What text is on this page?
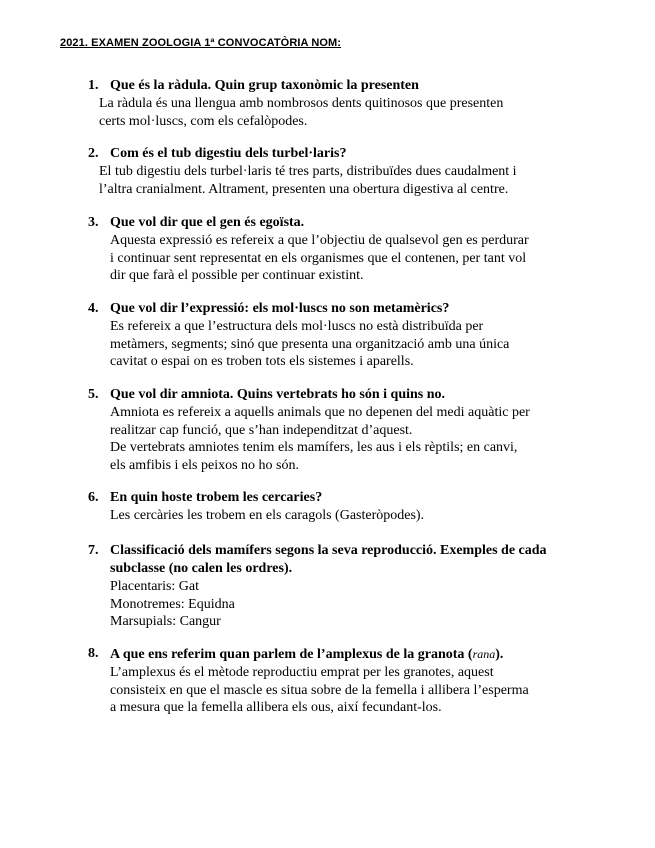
2021. EXAMEN ZOOLOGIA 1ª CONVOCATÒRIA NOM:
1. Que és la ràdula. Quin grup taxonòmic la presenten
La ràdula és una llengua amb nombrosos dents quitinosos que presenten
certs mol·luscs, com els cefalòpodes.
2. Com és el tub digestiu dels turbel·laris?
El tub digestiu dels turbel·laris té tres parts, distribuïdes dues caudalment i
l’altra cranialment. Altrament, presenten una obertura digestiva al centre.
3. Que vol dir que el gen és egoïsta.
Aquesta expressió es refereix a que l’objectiu de qualsevol gen es perdurar
i continuar sent representat en els organismes que el contenen, per tant vol
dir que farà el possible per continuar existint.
4. Que vol dir l’expressió: els mol·luscs no son metamèrics?
Es refereix a que l’estructura dels mol·luscs no està distribuïda per
metàmers, segments; sinó que presenta una organització amb una única
cavitat o espai on es troben tots els sistemes i aparells.
5. Que vol dir amniota. Quins vertebrats ho són i quins no.
Amniota es refereix a aquells animals que no depenen del medi aquàtic per
realitzar cap funció, que s’han independitzat d’aquest.
De vertebrats amniotes tenim els mamífers, les aus i els rèptils; en canvi,
els amfibis i els peixos no ho són.
6. En quin hoste trobem les cercaries?
Les cercàries les trobem en els caragols (Gasteròpodes).
7. Classificació dels mamífers segons la seva reproducció. Exemples de cada subclasse (no calen les ordres).
Placentaris: Gat
Monotremes: Equidna
Marsupials: Cangur
8. A que ens referim quan parlem de l’amplexus de la granota (rana).
L’amplexus és el mètode reproductiu emprat per les granotes, aquest
consisteix en que el mascle es situa sobre de la femella i allibera l’esperma
a mesura que la femella allibera els ous, així fecundant-los.
